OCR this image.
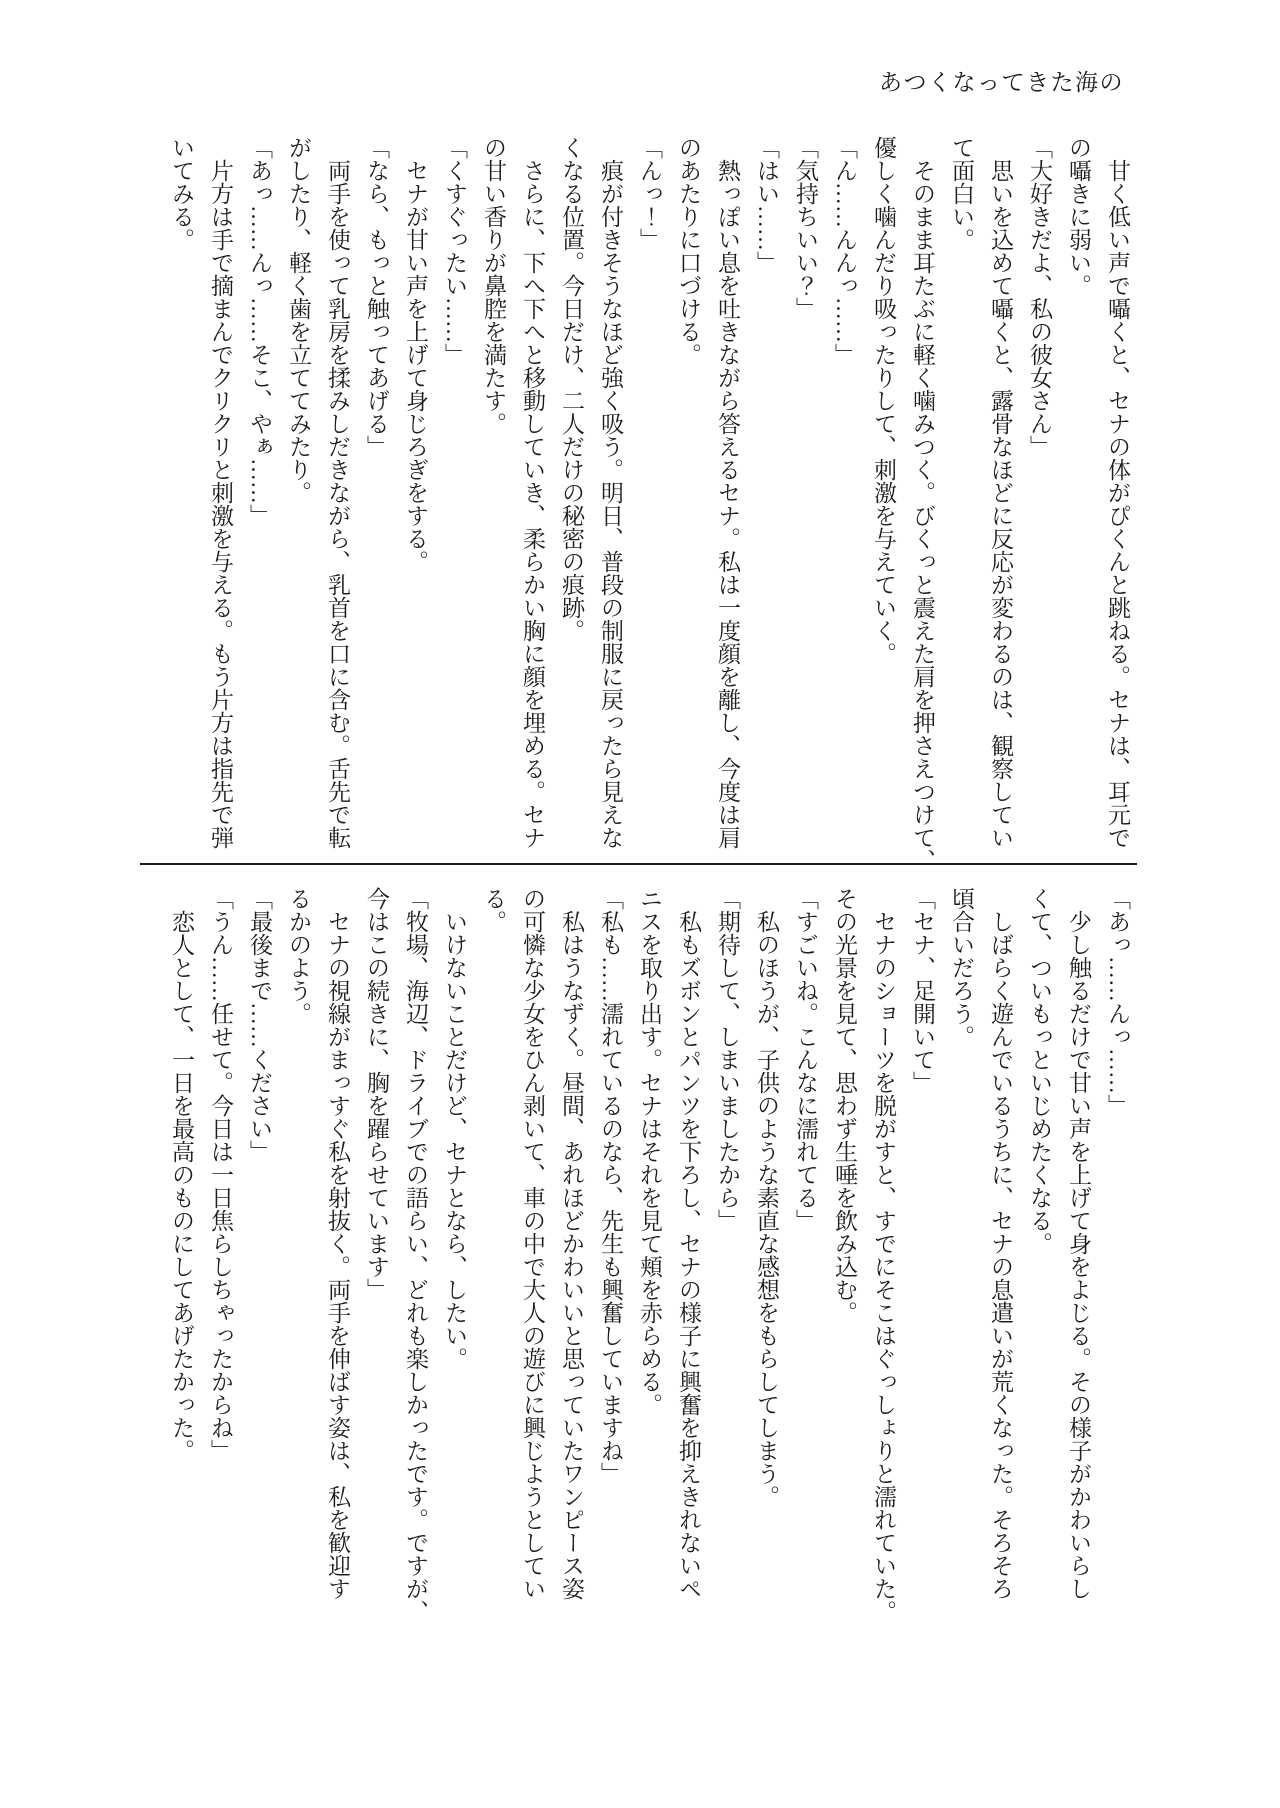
あつくなってきた海の

　甘く低い声で囁くと、セナの体がぴくんと跳ねる。セナは、耳元で

の囁きに弱い。

「大好きだよ、私の彼女さん」

　思いを込めて囁くと、露骨なほどに反応が変わるのは、観察してい

て面白い。

　そのまま耳たぶに軽く噛みつく。びくっと震えた肩を押さえつけて、

優しく噛んだり吸ったりして、刺激を与えていく。

「ん……んんっ……」

「気持ちいい？」

「はい……」

　熱っぽい息を吐きながら答えるセナ。私は一度顔を離し、今度は肩

のあたりに口づける。

「んっ！」

　痕が付きそうなほど強く吸う。明日、普段の制服に戻ったら見えな

くなる位置。今日だけ、二人だけの秘密の痕跡。

　さらに、下へ下へと移動していき、柔らかい胸に顔を埋める。セナ

の甘い香りが鼻腔を満たす。

「くすぐったい……」

　セナが甘い声を上げて身じろぎをする。

「なら、もっと触ってあげる」

　両手を使って乳房を揉みしだきながら、乳首を口に含む。舌先で転

がしたり、軽く歯を立ててみたり。

「あっ……んっ……そこ、やぁ……」

　片方は手で摘まんでクリクリと刺激を与える。もう片方は指先で弾

いてみる。

「あっ……んっ……」

　少し触るだけで甘い声を上げて身をよじる。その様子がかわいらし

くて、ついもっといじめたくなる。

　しばらく遊んでいるうちに、セナの息遣いが荒くなった。そろそろ

頃合いだろう。

「セナ、足開いて」

　セナのショーツを脱がすと、すでにそこはぐっしょりと濡れていた。

その光景を見て、思わず生唾を飲み込む。

「すごいね。こんなに濡れてる」

　私のほうが、子供のような素直な感想をもらしてしまう。

「期待して、しまいましたから」

　私もズボンとパンツを下ろし、セナの様子に興奮を抑えきれないペ

ニスを取り出す。セナはそれを見て頬を赤らめる。

「私も……濡れているのなら、先生も興奮していますね」

　私はうなずく。昼間、あれほどかわいいと思っていたワンピース姿

の可憐な少女をひん剥いて、車の中で大人の遊びに興じようとしてい

る。

　いけないことだけど、セナとなら、したい。

「牧場、海辺、ドライブでの語らい、どれも楽しかったです。ですが、

今はこの続きに、胸を躍らせています」

　セナの視線がまっすぐ私を射抜く。両手を伸ばす姿は、私を歓迎す

るかのよう。

「最後まで……ください」

「うん……任せて。今日は一日焦らしちゃったからね」

　恋人として、一日を最高のものにしてあげたかった。
